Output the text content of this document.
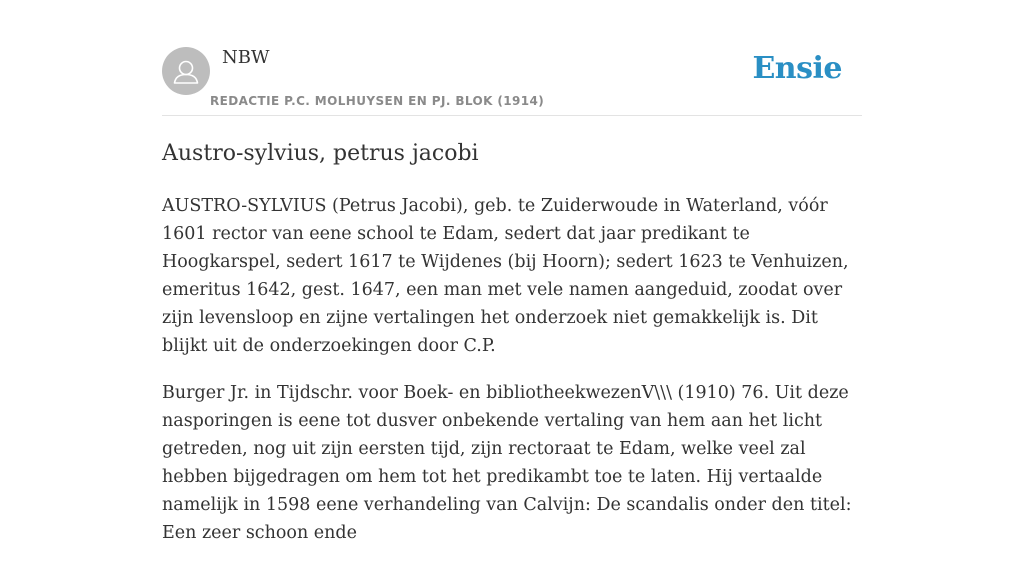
NBW
REDACTIE P.C. MOLHUYSEN EN PJ. BLOK (1914)
Ensie
Austro-sylvius, petrus jacobi

AUSTRO-SYLVIUS (Petrus Jacobi), geb. te Zuiderwoude in Waterland, vóór 1601 rector van eene school te Edam, sedert dat jaar predikant te Hoogkarspel, sedert 1617 te Wijdenes (bij Hoorn); sedert 1623 te Venhuizen, emeritus 1642, gest. 1647, een man met vele namen aangeduid, zoodat over zijn levensloop en zijne vertalingen het onderzoek niet gemakkelijk is. Dit blijkt uit de onderzoekingen door C.P.

Burger Jr. in Tijdschr. voor Boek- en bibliotheekwezenV\\\ (1910) 76. Uit deze nasporingen is eene tot dusver onbekende vertaling van hem aan het licht getreden, nog uit zijn eersten tijd, zijn rectoraat te Edam, welke veel zal hebben bijgedragen om hem tot het predikambt toe te laten. Hij vertaalde namelijk in 1598 eene verhandeling van Calvijn: De scandalis onder den titel: Een zeer schoon ende
